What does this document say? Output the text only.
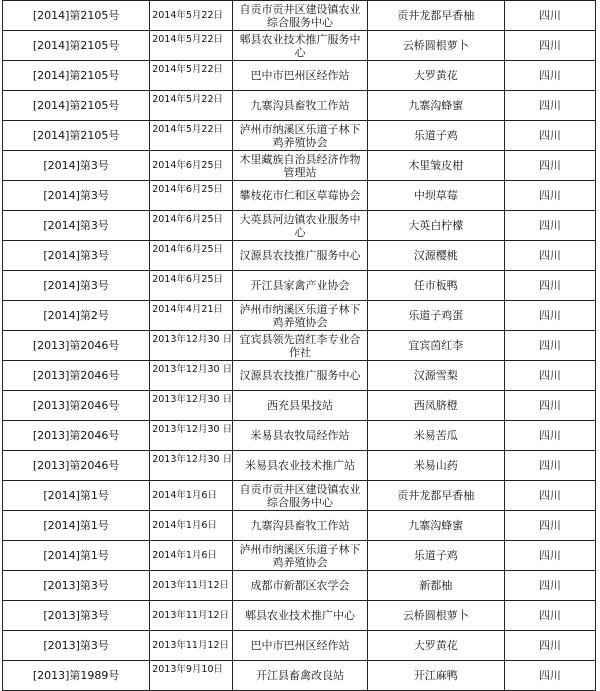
[2014]第2105号	2014年5月22日	自贡市贡井区建设镇农业综合服务中心	贡井龙都早香柚	四川
[2014]第2105号	2014年5月22日	郫县农业技术推广服务中心	云桥圆根萝卜	四川
[2014]第2105号	2014年5月22日	巴中市巴州区经作站	大罗黄花	四川
[2014]第2105号	2014年5月22日	九寨沟县畜牧工作站	九寨沟蜂蜜	四川
[2014]第2105号	2014年5月22日	泸州市纳溪区乐道子林下鸡养殖协会	乐道子鸡	四川
[2014]第3号	2014年6月25日	木里藏族自治县经济作物管理站	木里皱皮柑	四川
[2014]第3号	2014年6月25日	攀枝花市仁和区草莓协会	中坝草莓	四川
[2014]第3号	2014年6月25日	大英县河边镇农业服务中心	大英白柠檬	四川
[2014]第3号	2014年6月25日	汉源县农技推广服务中心	汉源樱桃	四川
[2014]第3号	2014年6月25日	开江县家禽产业协会	任市板鸭	四川
[2014]第2号	2014年4月21日	泸州市纳溪区乐道子林下鸡养殖协会	乐道子鸡蛋	四川
[2013]第2046号	2013年12月30 日	宜宾县领先茵红李专业合作社	宜宾茵红李	四川
[2013]第2046号	2013年12月30 日	汉源县农技推广服务中心	汉源雪梨	四川
[2013]第2046号	2013年12月30 日	西充县果技站	西凤脐橙	四川
[2013]第2046号	2013年12月30 日	米易县农牧局经作站	米易苦瓜	四川
[2013]第2046号	2013年12月30 日	米易县农业技术推广站	米易山药	四川
[2014]第1号	2014年1月6日	自贡市贡井区建设镇农业综合服务中心	贡井龙都早香柚	四川
[2014]第1号	2014年1月6日	九寨沟县畜牧工作站	九寨沟蜂蜜	四川
[2014]第1号	2014年1月6日	泸州市纳溪区乐道子林下鸡养殖协会	乐道子鸡	四川
[2013]第3号	2013年11月12日	成都市新都区农学会	新都柚	四川
[2013]第3号	2013年11月12日	郫县农业技术推广中心	云桥圆根萝卜	四川
[2013]第3号	2013年11月12日	巴中市巴州区经作站	大罗黄花	四川
[2013]第1989号	2013年9月10日	开江县畜禽改良站	开江麻鸭	四川
